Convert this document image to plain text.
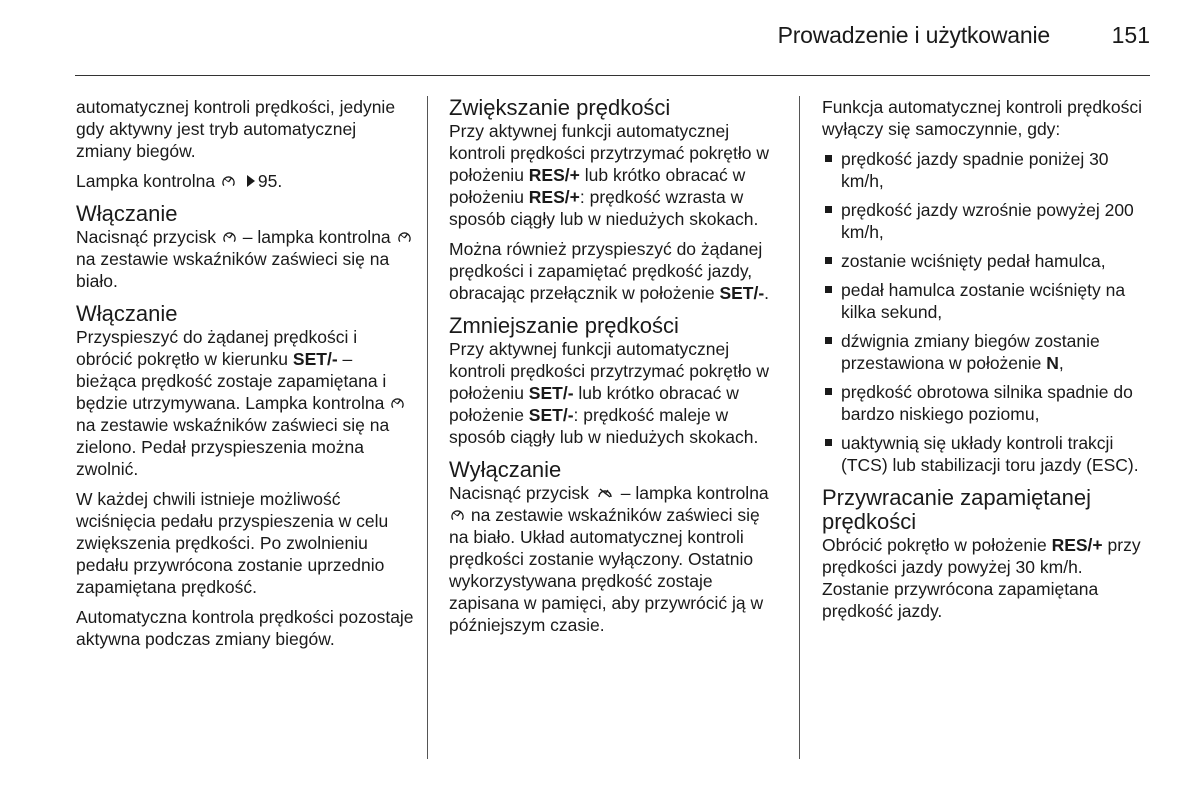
Prowadzenie i użytkowanie	151

automatycznej kontroli prędkości, jedynie gdy aktywny jest tryb automatycznej zmiany biegów.

Lampka kontrolna 95.

Włączanie

Nacisnąć przycisk – lampka kontrolna  na zestawie wskaźników zaświeci się na biało.

Włączanie

Przyspieszyć do żądanej prędkości i obrócić pokrętło w kierunku SET/- – bieżąca prędkość zostaje zapamiętana i będzie utrzymywana. Lampka kontrolna  na zestawie wskaźników zaświeci się na zielono. Pedał przyspieszenia można zwolnić.

W każdej chwili istnieje możliwość wciśnięcia pedału przyspieszenia w celu zwiększenia prędkości. Po zwolnieniu pedału przywrócona zostanie uprzednio zapamiętana prędkość.

Automatyczna kontrola prędkości pozostaje aktywna podczas zmiany biegów.

Zwiększanie prędkości

Przy aktywnej funkcji automatycznej kontroli prędkości przytrzymać pokrętło w położeniu RES/+ lub krótko obracać w położeniu RES/+: prędkość wzrasta w sposób ciągły lub w niedużych skokach.

Można również przyspieszyć do żądanej prędkości i zapamiętać prędkość jazdy, obracając przełącznik w położenie SET/-.

Zmniejszanie prędkości

Przy aktywnej funkcji automatycznej kontroli prędkości przytrzymać pokrętło w położeniu SET/- lub krótko obracać w położenie SET/-: prędkość maleje w sposób ciągły lub w niedużych skokach.

Wyłączanie

Nacisnąć przycisk – lampka kontrolna  na zestawie wskaźników zaświeci się na biało. Układ automatycznej kontroli prędkości zostanie wyłączony. Ostatnio wykorzystywana prędkość zostaje zapisana w pamięci, aby przywrócić ją w późniejszym czasie.

Funkcja automatycznej kontroli prędkości wyłączy się samoczynnie, gdy:

prędkość jazdy spadnie poniżej 30 km/h,
prędkość jazdy wzrośnie powyżej 200 km/h,
zostanie wciśnięty pedał hamulca,
pedał hamulca zostanie wciśnięty na kilka sekund,
dźwignia zmiany biegów zostanie przestawiona w położenie N,
prędkość obrotowa silnika spadnie do bardzo niskiego poziomu,
uaktywnią się układy kontroli trakcji (TCS) lub stabilizacji toru jazdy (ESC).
Przywracanie zapamiętanej prędkości

Obrócić pokrętło w położenie RES/+ przy prędkości jazdy powyżej 30 km/h. Zostanie przywrócona zapamiętana prędkość jazdy.
